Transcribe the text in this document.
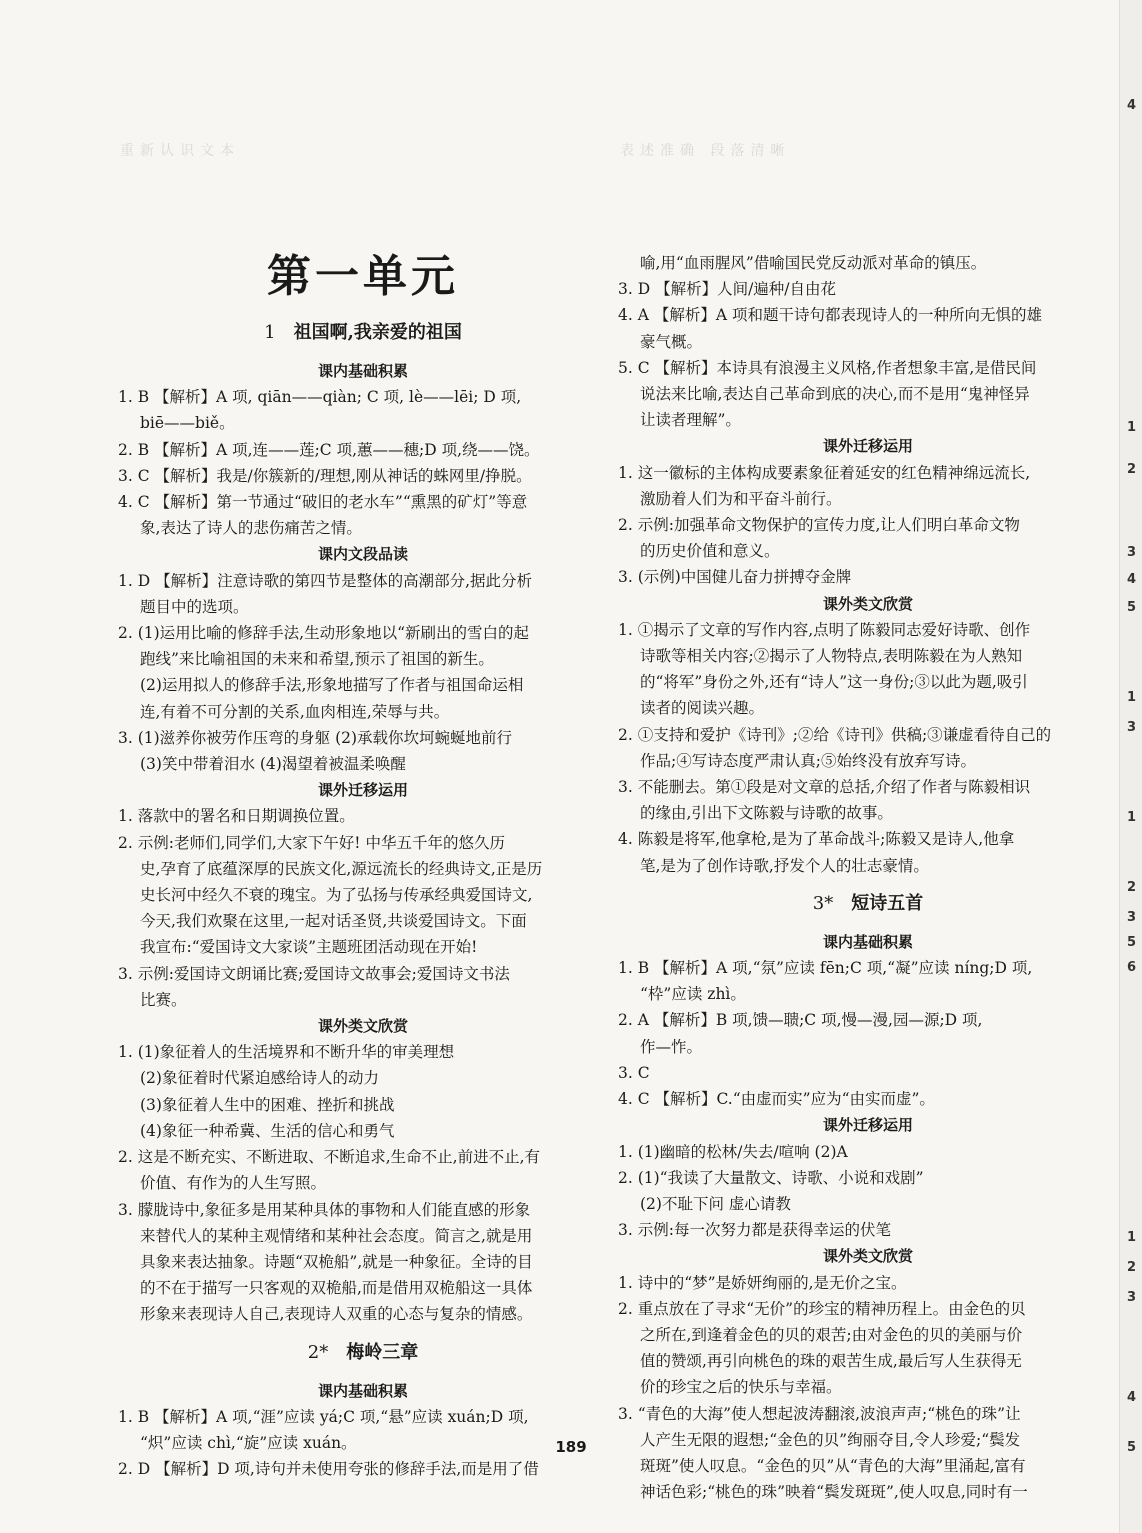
重新认识文本	表述准确 段落清晰
第一单元
1 祖国啊,我亲爱的祖国
课内基础积累
1. B 【解析】A 项, qiān——qiàn; C 项, lè——lēi; D 项,
biē——biě。
2. B 【解析】A 项,连——莲;C 项,蕙——穗;D 项,绕——饶。
3. C 【解析】我是/你簇新的/理想,刚从神话的蛛网里/挣脱。
4. C 【解析】第一节通过“破旧的老水车”“熏黑的矿灯”等意
象,表达了诗人的悲伤痛苦之情。
课内文段品读
1. D 【解析】注意诗歌的第四节是整体的高潮部分,据此分析
题目中的选项。
2. (1)运用比喻的修辞手法,生动形象地以“新刷出的雪白的起
跑线”来比喻祖国的未来和希望,预示了祖国的新生。
(2)运用拟人的修辞手法,形象地描写了作者与祖国命运相
连,有着不可分割的关系,血肉相连,荣辱与共。
3. (1)滋养你被劳作压弯的身躯 (2)承载你坎坷蜿蜒地前行
(3)笑中带着泪水 (4)渴望着被温柔唤醒
课外迁移运用
1. 落款中的署名和日期调换位置。
2. 示例:老师们,同学们,大家下午好! 中华五千年的悠久历
史,孕育了底蕴深厚的民族文化,源远流长的经典诗文,正是历
史长河中经久不衰的瑰宝。为了弘扬与传承经典爱国诗文,
今天,我们欢聚在这里,一起对话圣贤,共谈爱国诗文。下面
我宣布:“爱国诗文大家谈”主题班团活动现在开始!
3. 示例:爱国诗文朗诵比赛;爱国诗文故事会;爱国诗文书法
比赛。
课外类文欣赏
1. (1)象征着人的生活境界和不断升华的审美理想
(2)象征着时代紧迫感给诗人的动力
(3)象征着人生中的困难、挫折和挑战
(4)象征一种希冀、生活的信心和勇气
2. 这是不断充实、不断进取、不断追求,生命不止,前进不止,有
价值、有作为的人生写照。
3. 朦胧诗中,象征多是用某种具体的事物和人们能直感的形象
来替代人的某种主观情绪和某种社会态度。简言之,就是用
具象来表达抽象。诗题“双桅船”,就是一种象征。全诗的目
的不在于描写一只客观的双桅船,而是借用双桅船这一具体
形象来表现诗人自己,表现诗人双重的心态与复杂的情感。
2* 梅岭三章
课内基础积累
1. B 【解析】A 项,“涯”应读 yá;C 项,“悬”应读 xuán;D 项,
“炽”应读 chì,“旋”应读 xuán。
2. D 【解析】D 项,诗句并未使用夸张的修辞手法,而是用了借
喻,用“血雨腥风”借喻国民党反动派对革命的镇压。
3. D 【解析】人间/遍种/自由花
4. A 【解析】A 项和题干诗句都表现诗人的一种所向无惧的雄
豪气概。
5. C 【解析】本诗具有浪漫主义风格,作者想象丰富,是借民间
说法来比喻,表达自己革命到底的决心,而不是用“鬼神怪异
让读者理解”。
课外迁移运用
1. 这一徽标的主体构成要素象征着延安的红色精神绵远流长,
激励着人们为和平奋斗前行。
2. 示例:加强革命文物保护的宣传力度,让人们明白革命文物
的历史价值和意义。
3. (示例)中国健儿奋力拼搏夺金牌
课外类文欣赏
1. ①揭示了文章的写作内容,点明了陈毅同志爱好诗歌、创作
诗歌等相关内容;②揭示了人物特点,表明陈毅在为人熟知
的“将军”身份之外,还有“诗人”这一身份;③以此为题,吸引
读者的阅读兴趣。
2. ①支持和爱护《诗刊》;②给《诗刊》供稿;③谦虚看待自己的
作品;④写诗态度严肃认真;⑤始终没有放弃写诗。
3. 不能删去。第①段是对文章的总括,介绍了作者与陈毅相识
的缘由,引出下文陈毅与诗歌的故事。
4. 陈毅是将军,他拿枪,是为了革命战斗;陈毅又是诗人,他拿
笔,是为了创作诗歌,抒发个人的壮志豪情。
3* 短诗五首
课内基础积累
1. B 【解析】A 项,“氛”应读 fēn;C 项,“凝”应读 níng;D 项,
“枠”应读 zhì。
2. A 【解析】B 项,馈—聩;C 项,慢—漫,园—源;D 项,
作—怍。
3. C
4. C 【解析】C.“由虚而实”应为“由实而虚”。
课外迁移运用
1. (1)幽暗的松林/失去/喧响 (2)A
2. (1)“我读了大量散文、诗歌、小说和戏剧”
(2)不耻下问 虚心请教
3. 示例:每一次努力都是获得幸运的伏笔
课外类文欣赏
1. 诗中的“梦”是娇妍绚丽的,是无价之宝。
2. 重点放在了寻求“无价”的珍宝的精神历程上。由金色的贝
之所在,到逢着金色的贝的艰苦;由对金色的贝的美丽与价
值的赞颂,再引向桃色的珠的艰苦生成,最后写人生获得无
价的珍宝之后的快乐与幸福。
3. “青色的大海”使人想起波涛翻滚,波浪声声;“桃色的珠”让
人产生无限的遐想;“金色的贝”绚丽夺目,令人珍爱;“鬓发
斑斑”使人叹息。“金色的贝”从“青色的大海”里涌起,富有
神话色彩;“桃色的珠”映着“鬓发斑斑”,使人叹息,同时有一
189
4
1
2
3
4
5
1
3
1
2
3
5
6
1
2
3
4
5
